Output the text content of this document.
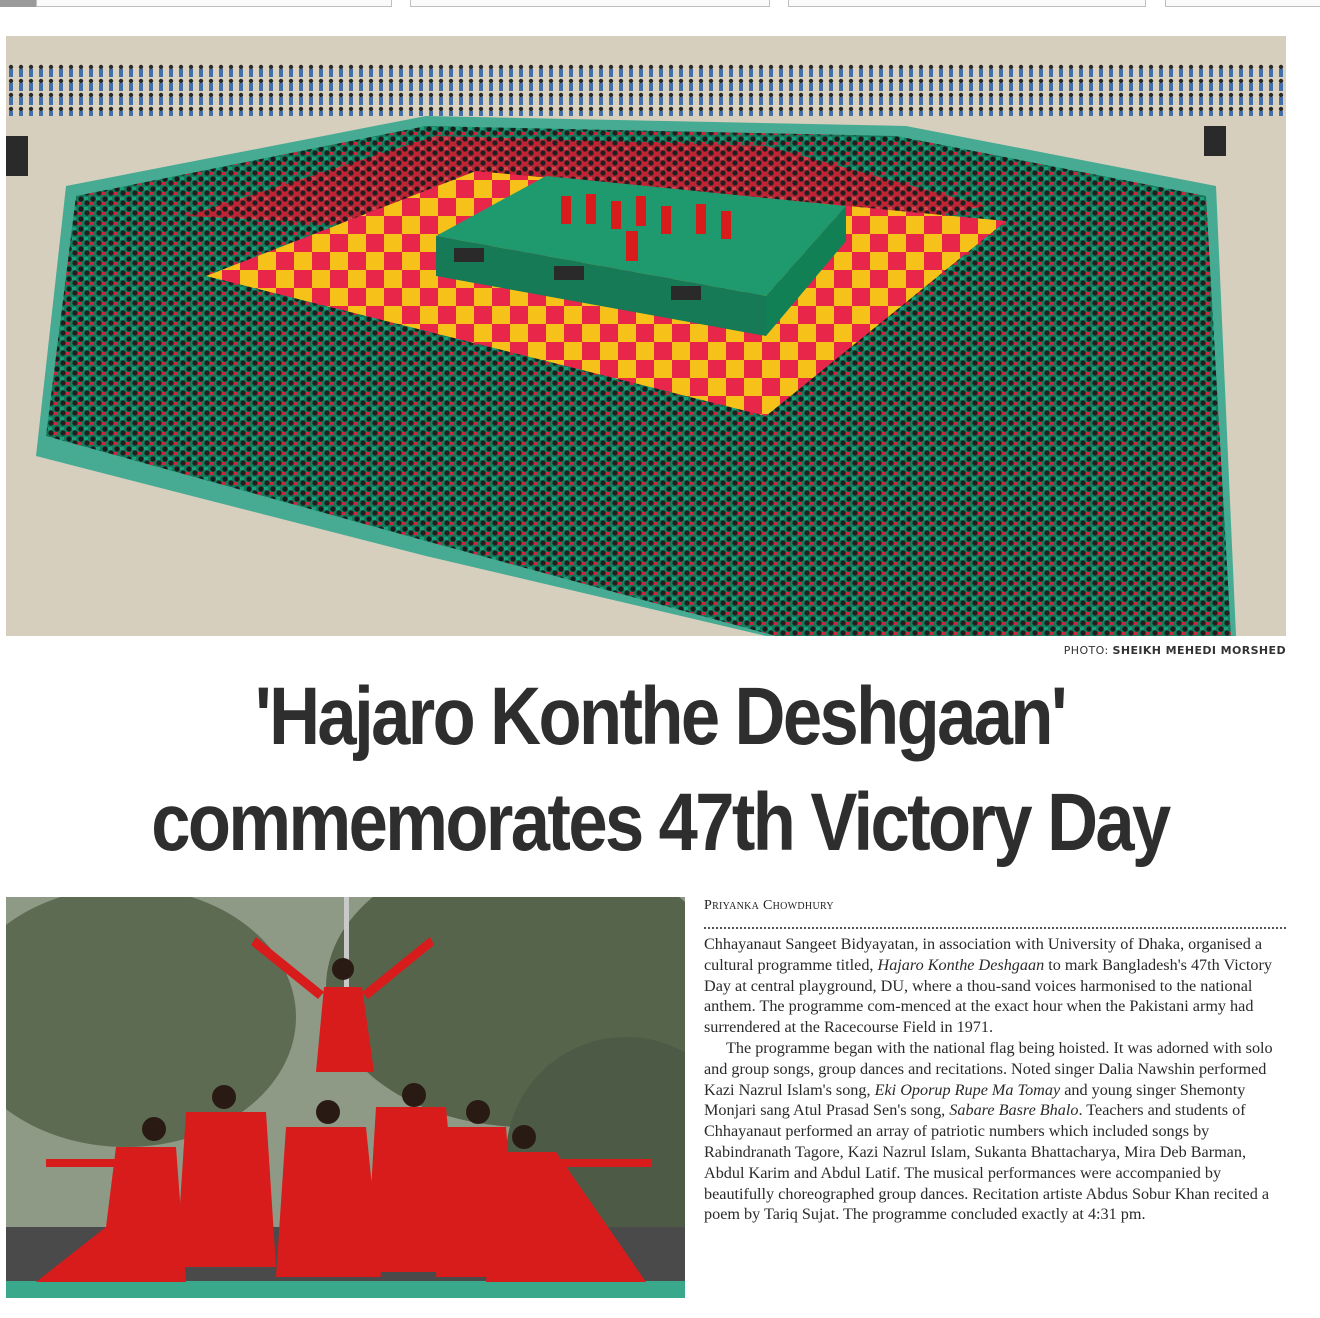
PHOTO: SHEIKH MEHEDI MORSHED
'Hajaro Konthe Deshgaan'
commemorates 47th Victory Day
Priyanka Chowdhury

Chhayanaut Sangeet Bidyayatan, in association with University of Dhaka, organised a cultural programme titled, Hajaro Konthe Deshgaan to mark Bangladesh's 47th Victory Day at central playground, DU, where a thou-sand voices harmonised to the national anthem. The programme com-menced at the exact hour when the Pakistani army had surrendered at the Racecourse Field in 1971.

The programme began with the national flag being hoisted. It was adorned with solo and group songs, group dances and recitations. Noted singer Dalia Nawshin performed Kazi Nazrul Islam's song, Eki Oporup Rupe Ma Tomay and young singer Shemonty Monjari sang Atul Prasad Sen's song, Sabare Basre Bhalo. Teachers and students of Chhayanaut performed an array of patriotic numbers which included songs by Rabindranath Tagore, Kazi Nazrul Islam, Sukanta Bhattacharya, Mira Deb Barman, Abdul Karim and Abdul Latif. The musical performances were accompanied by beautifully choreographed group dances. Recitation artiste Abdus Sobur Khan recited a poem by Tariq Sujat. The programme concluded exactly at 4:31 pm.
